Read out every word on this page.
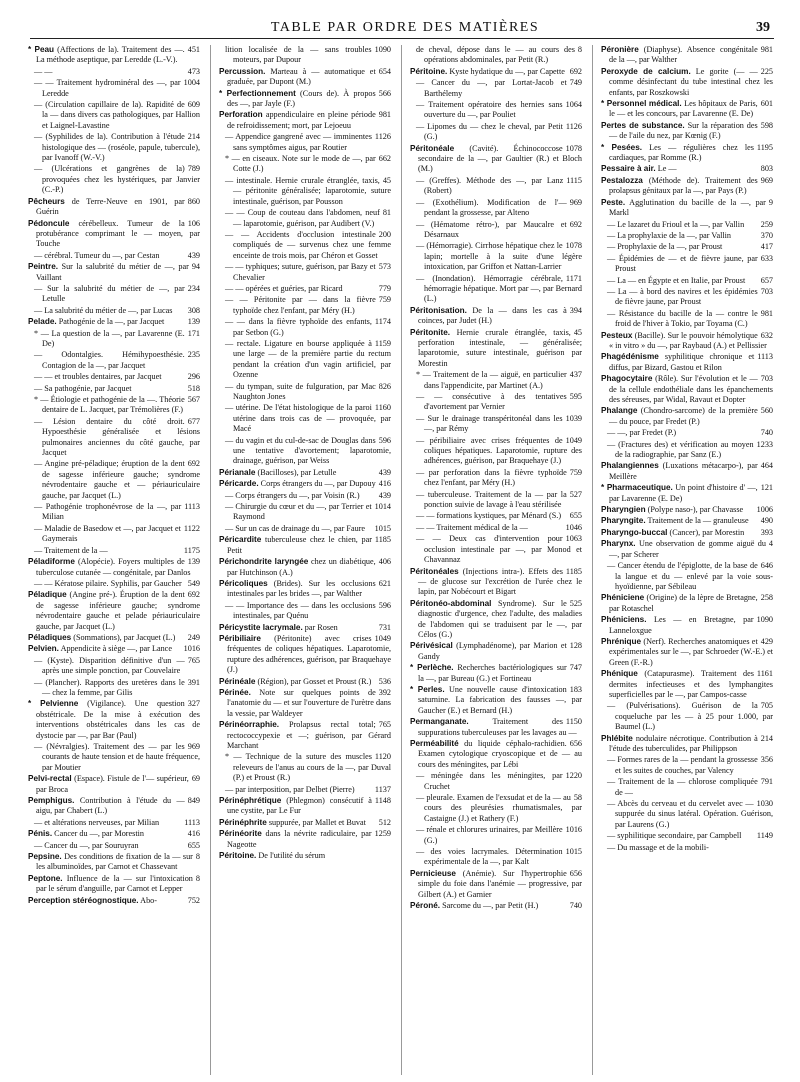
TABLE PAR ORDRE DES MATIÈRES	39
451
* Peau (Affections de la). Traitement des —. La méthode aseptique, par Leredde (L.-V.).
473
— —
1004
— — Traitement hydrominéral des —, par Leredde
609
— (Circulation capillaire de la). Rapidité de la — dans divers cas pathologiques, par Hallion et Laignel-Lavastine
214
— (Syphilides de la). Contribution à l'étude histologique des — (roséole, papule, tubercule), par Ivanoff (W.-V.)
789
— (Ulcérations et gangrènes de la) provoquées chez les hystériques, par Janvier (C.-P.)
860
Pêcheurs de Terre-Neuve en 1901, par Guérin
106
Pédoncule cérébelleux. Tumeur de la protubérance comprimant le — moyen, par Touche
439
— cérébral. Tumeur du —, par Cestan
94
Peintre. Sur la salubrité du métier de —, par Vaillant
234
— Sur la salubrité du métier de —, par Letulle
308
— La salubrité du métier de —, par Lucas
139
Pelade. Pathogénie de la —, par Jacquet
171
* — La question de la —, par Lavarenne (E. De)
235
— Odontalgies. Hémihypoesthésie. Contagion de la —, par Jacquet
296
— — et troubles dentaires, par Jacquet
518
— Sa pathogénie, par Jacquet
567
* — Étiologie et pathogénie de la —. Théorie dentaire de L. Jacquet, par Trémolières (F.)
677
— Lésion dentaire du côté droit. Hypoesthésie généralisée et lésions pulmonaires anciennes du côté gauche, par Jacquet
692
— Angine pré-péladique; éruption de la dent de sagesse inférieure gauche; syndrome névrodentaire gauche et — périauriculaire gauche, par Jacquet (L.)
1113
— Pathogénie trophonévrose de la —, par Milian
1122
— Maladie de Basedow et —, par Jacquet et Gaymerais
1175
— Traitement de la —
139
Péladiforme (Alopécie). Foyers multiples de tuberculose cutanée — congénitale, par Danlos
549
— — Kératose pilaire. Syphilis, par Gaucher
692
Péladique (Angine pré-). Éruption de la dent de sagesse inférieure gauche; syndrome névrodentaire gauche et pelade périauriculaire gauche, par Jacquet (L.)
249
Péladiques (Sommations), par Jacquet (L.)
1016
Pelvien. Appendicite à siège —, par Lance
765
— (Kyste). Disparition définitive d'un — après une simple ponction, par Couvelaire
391
— (Plancher). Rapports des uretères dans le — chez la femme, par Gilis
327
* Pelvienne (Vigilance). Une question obstétricale. De la mise à exécution des interventions obstétricales dans les cas de dystocie par —, par Bar (Paul)
969
— (Névralgies). Traitement des — par les courants de haute tension et de haute fréquence, par Moutier
69
Pelvi-rectal (Espace). Fistule de l'— supérieur, par Broca
849
Pemphigus. Contribution à l'étude du — aigu, par Chabert (L.)
1113
— et altérations nerveuses, par Milian
416
Pénis. Cancer du —, par Morestin
655
— Cancer du —, par Souruyran
8
Pepsine. Des conditions de fixation de la — sur les albuminoïdes, par Carnot et Chassevant
8
Peptone. Influence de la — sur l'intoxication par le sérum d'anguille, par Carnot et Lepper
752
Perception stéréognostique. Abo-
1090
lition localisée de la — sans troubles moteurs, par Dupour
654
Percussion. Marteau à — automatique et graduée, par Dupont (M.)
566
* Perfectionnement (Cours de). À propos des —, par Jayle (F.)
981
Perforation appendiculaire en pleine période de refroidissement; mort, par Lejoeuu
1126
— Appendice gangrené avec — imminentes sans symptômes aigus, par Routier
662
* — en ciseaux. Note sur le mode de —, par Cotte (J.)
45
— intestinale. Hernie crurale étranglée, taxis, — péritonite généralisée; laparotomie, suture intestinale, guérison, par Pousson
81
— — Coup de couteau dans l'abdomen, neuf — laparotomie, guérison, par Audibert (V.)
200
— — Accidents d'occlusion intestinale compliqués de — survenus chez une femme enceinte de trois mois, par Chéron et Gosset
573
— — typhiques; suture, guérison, par Bazy et Chevalier
779
— — opérées et guéries, par Ricard
759
— — Péritonite par — dans la fièvre typhoïde chez l'enfant, par Méry (H.)
1174
— — dans la fièvre typhoïde des enfants, par Setbon (G.)
1159
— rectale. Ligature en bourse appliquée à une large — de la première partie du rectum pendant la création d'un vagin artificiel, par Ozenne
826
— du tympan, suite de fulguration, par Mac Naughton Jones
1160
— utérine. De l'état histologique de la paroi utérine dans trois cas de — provoquée, par Macé
596
— du vagin et du cul-de-sac de Douglas dans une tentative d'avortement; laparotomie, drainage, guérison, par Weiss
439
Périanale (Bacilloses), par Letulle
416
Péricarde. Corps étrangers du —, par Dupouy
439
— Corps étrangers du —, par Voisin (R.)
1014
— Chirurgie du cœur et du —, par Terrier et Raymond
1015
— Sur un cas de drainage du —, par Faure
1185
Péricardite tuberculeuse chez le chien, par Petit
406
Périchondrite laryngée chez un diabétique, par Hutchinson (A.)
621
Péricoliques (Brides). Sur les occlusions intestinales par les brides —, par Walther
596
— — Importance des — dans les occlusions intestinales, par Quénu
731
Péricystite lacrymale. par Rosen
1049
Péribiliaire (Péritonite) avec crises fréquentes de coliques hépatiques. Laparotomie, rupture des adhérences, guérison, par Braquehaye (J.)
536
Périnéale (Région), par Gosset et Proust (R.)
392
Périnée. Note sur quelques points de l'anatomie du — et sur l'ouverture de l'urètre dans la vessie, par Waldeyer
765
Périnéorraphie. Prolapsus rectal total; rectococcypexie et —; guérison, par Gérard Marchant
1120
* — Technique de la suture des muscles releveurs de l'anus au cours de la —, par Duval (P.) et Proust (R.)
1137
— par interposition, par Delbet (Pierre)
1148
Périnéphrétique (Phlegmon) consécutif à une cystite, par Le Fur
512
Périnéphrite suppurée, par Mallet et Buvat
1259
Périnéorite dans la névrite radiculaire, par Nageotte
Péritoine. De l'utilité du sérum
8
de cheval, dépose dans le — au cours des opérations abdominales, par Petit (R.)
692
Péritoine. Kyste hydatique du —, par Capette
749
— Cancer du —, par Lortat-Jacob et Barthélemy
1064
— Traitement opératoire des hernies sans ouverture du —, par Pouliet
1126
— Lipomes du — chez le cheval, par Petit (G.)
1078
Péritonéale (Cavité). Échinococcose secondaire de la —, par Gaultier (R.) et Bloch (M.)
1115
— (Greffes). Méthode des —, par Lanz (Robert)
969
— (Exothélium). Modification de l'— pendant la grossesse, par Alteno
692
— (Hématome rétro-), par Maucalre et Désarnaux
1078
— (Hémorragie). Cirrhose hépatique chez le lapin; mortelle à la suite d'une légère intoxication, par Griffon et Nattan-Larrier
1171
— (Inondation). Hémorragie cérébrale, hémorragie hépatique. Mort par —, par Bernard (L.)
394
Péritonisation. De la — dans les cas à coinces, par Judet (H.)
45
Péritonite. Hernie crurale étranglée, taxis, perforation intestinale, — généralisée; laparotomie, suture intestinale, guérison par Morestin
437
* — Traitement de la — aiguë, en particulier dans l'appendicite, par Martinet (A.)
595
— — consécutive à des tentatives d'avortement par Vernier
1039
— Sur le drainage transpéritonéal dans les —, par Rémy
1049
— péribiliaire avec crises fréquentes de coliques hépatiques. Laparotomie, rupture des adhérences, guérison, par Braquehaye (J.)
759
— par perforation dans la fièvre typhoïde chez l'enfant, par Méry (H.)
527
— tuberculeuse. Traitement de la — par la ponction suivie de lavage à l'eau stérilisée
655
— — formations kystiques, par Ménard (S.)
1046
— — Traitement médical de la —
1063
— — Deux cas d'intervention pour occlusion intestinale par —, par Monod et Chavannaz
1185
Péritonéales (Injections intra-). Effets des — de glucose sur l'excrétion de l'urée chez le lapin, par Nobécourt et Bigart
525
Péritonéo-abdominal Syndrome). Sur le diagnostic d'urgence, chez l'adulte, des maladies de l'abdomen qui se traduisent par le —, par Célos (G.)
128
Périvésical (Lymphadénome), par Marion et Gandy
747
* Perlèche. Recherches bactériologiques sur la —, par Bureau (G.) et Fortineau
183
* Perles. Une nouvelle cause d'intoxication saturnine. La fabrication des fausses —, par Gaucher (E.) et Bernard (H.)
1150
Permanganate.	Traitement des suppurations tuberculeuses par les lavages au —
656
Perméabilité du liquide céphalo-rachidien. Examen cytologique cryoscopique et de — au cours des méningites, par Lébi
1220
— méningée dans les méningites, par Cruchet
58
— pleurale. Examen de l'exsudat et de la — au cours des pleurésies rhumatismales, par Castaigne (J.) et Rathery (F.)
1016
— rénale et chlorures urinaires, par Meillère (G.)
1015
— des voies lacrymales. Détermination expérimentale de la —, par Kalt
656
Pernicieuse (Anémie). Sur l'hypertrophie simple du foie dans l'anémie — progressive, par Gilbert (A.) et Garnier
740
Péroné. Sarcome du —, par Petit (H.)
981
Péronière (Diaphyse). Absence congénitale de la —, par Walther
225
Peroxyde de calcium. Le gorite (— — comme désinfectant du tube intestinal chez les enfants, par Roszkowski
601
* Personnel médical. Les hôpitaux de Paris, le — et les concours, par Lavarenne (E. De)
598
Pertes de substance. Sur la réparation des — de l'aile du nez, par Kœnig (F.)
1195
* Pesées. Les — régulières chez les cardiaques, par Romme (R.)
803
Pessaire à air. Le —
969
Pestalozza (Méthode de). Traitement des prolapsus génitaux par la —, par Pays (P.)
9
Peste. Agglutination du bacille de la —, par Markl
259
— Le lazaret du Frioul et la —, par Vallin
370
— La prophylaxie de la —, par Vallin
417
— Prophylaxie de la —, par Proust
633
— Épidémies de — et de fièvre jaune, par Proust
657
— La — en Égypte et en Italie, par Proust
703
— La — à bord des navires et les épidémies de fièvre jaune, par Proust
981
— Résistance du bacille de la — contre le froid de l'hiver à Tokio, par Toyama (C.)
632
Pesteux (Bacille). Sur le pouvoir hémolytique « in vitro » du —, par Raybaud (A.) et Pellissier
1113
Phagédénisme syphilitique chronique et diffus, par Bizard, Gastou et Rilon
703
Phagocytaire (Rôle). Sur l'évolution et le — de la cellule endothéliale dans les épanchements des séreuses, par Widal, Ravaut et Dopter
560
Phalange (Chondro-sarcome) de la première — du pouce, par Fredet (P.)
740
— —, par Fredet (P.)
1233
— (Fractures des) et vérification au moyen de la radiographie, par Sanz (E.)
464
Phalangiennes (Luxations métacarpo-), par Meillère
121
* Pharmaceutique. Un point d'histoire d' —, par Lavarenne (E. De)
1006
Pharyngien (Polype naso-), par Chavasse
490
Pharyngite. Traitement de la — granuleuse
393
Pharyngo-buccal (Cancer), par Morestin
4
Pharynx. Une observation de gomme aiguë du —, par Scherer
646
— Cancer étendu de l'épiglotte, de la base de la langue et du — enlevé par la voie sous-hyoïdienne, par Sébileau
258
Phéniciene (Origine) de la lèpre de Bretagne, par Rotaschel
1090
Phéniciens. Les — en Bretagne, par Lanneloxgue
429
Phrénique (Nerf). Recherches anatomiques et expérimentales sur le —, par Schroeder (W.-E.) et Green (F.-R.)
1161
Phénique (Catapurasme). Traitement des dermites infectieuses et des lymphangites superficielles par le —, par Campos-casse
705
— (Pulvérisations). Guérison de la coqueluche par les — à 25 pour 1.000, par Baumel (L.)
214
Phlébite nodulaire nécrotique. Contribution à l'étude des tuberculides, par Philippson
356
— Formes rares de la — pendant la grossesse et les suites de couches, par Valency
791
— Traitement de la — chlorose compliquée de —
1030
— Abcès du cerveau et du cervelet avec — suppurée du sinus latéral. Opération. Guérison, par Laurens (G.)
1149
— syphilitique secondaire, par Campbell
— Du massage et de la mobili-
